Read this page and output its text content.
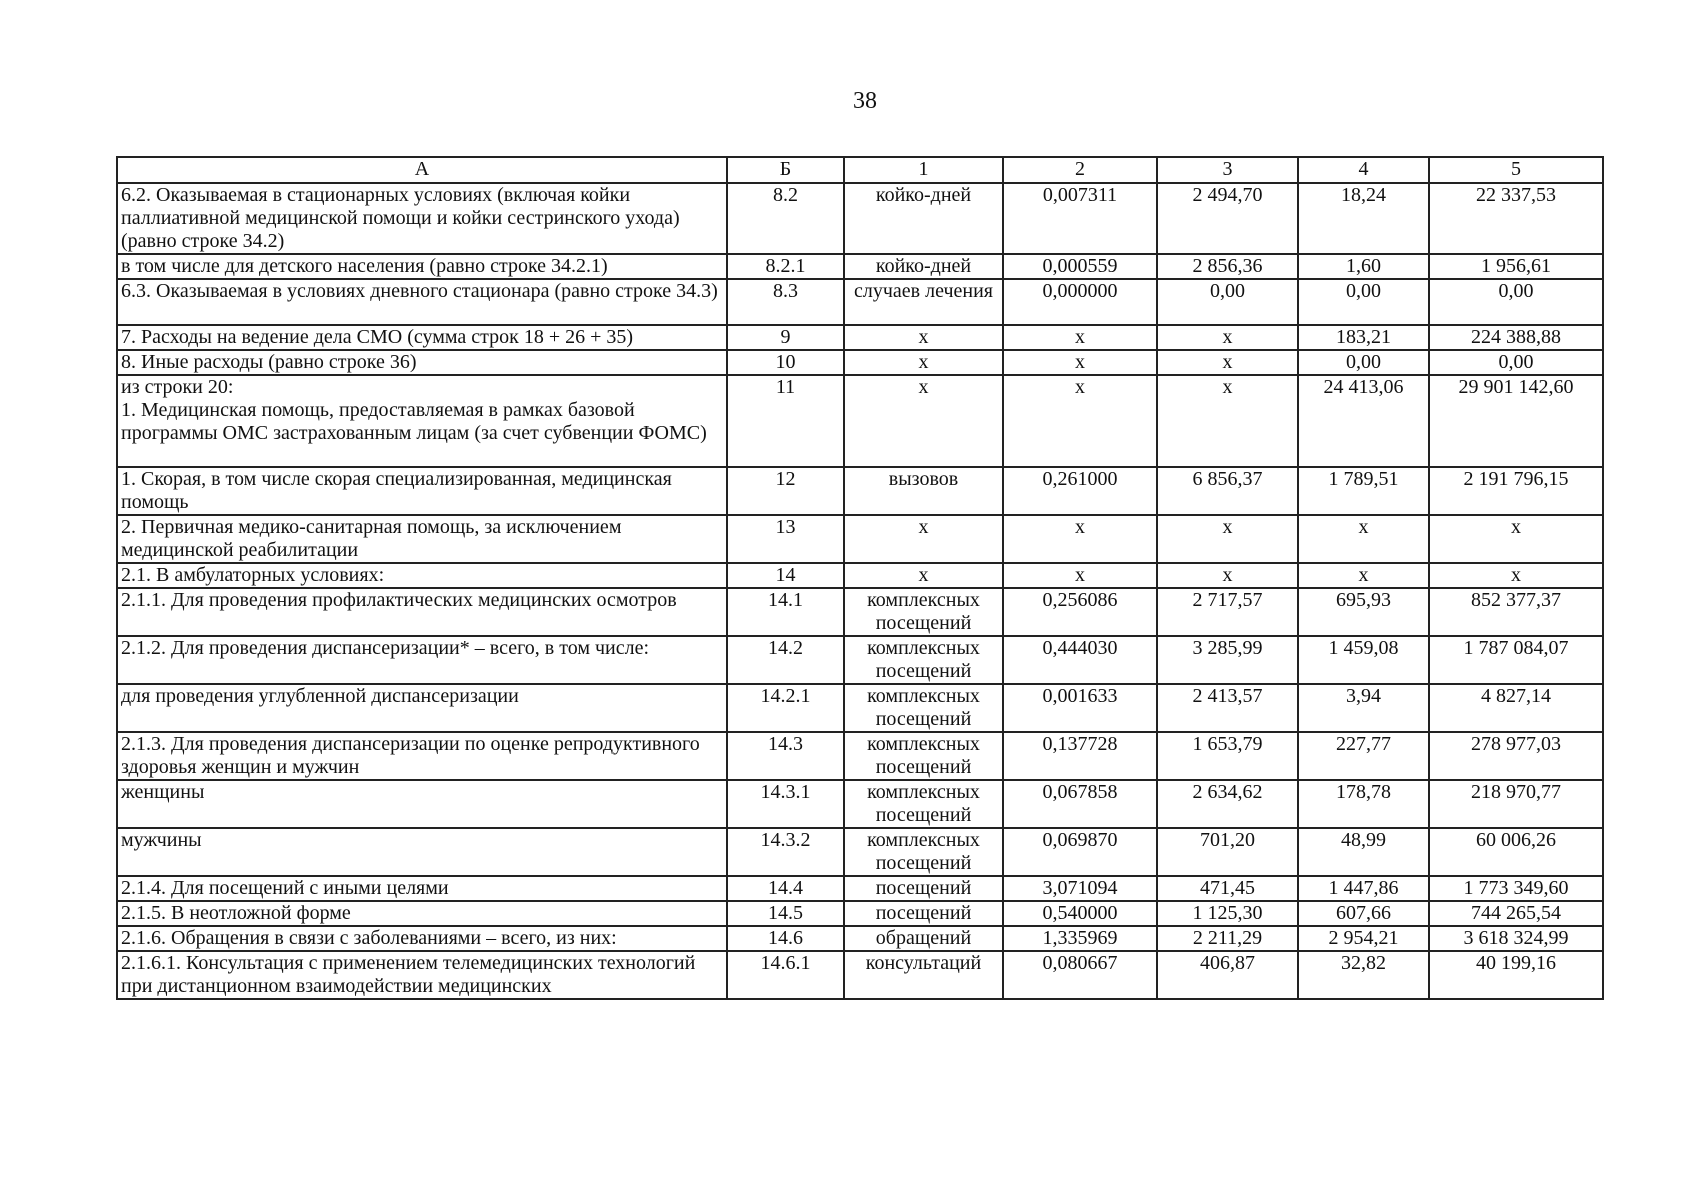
38
А	Б	1	2	3	4	5
6.2. Оказываемая в стационарных условиях (включая койки паллиативной медицинской помощи и койки сестринского ухода) (равно строке 34.2)	8.2	койко-дней	0,007311	2 494,70	18,24	22 337,53
в том числе для детского населения (равно строке 34.2.1)	8.2.1	койко-дней	0,000559	2 856,36	1,60	1 956,61
6.3. Оказываемая в условиях дневного стационара (равно строке 34.3)	8.3	случаев лечения	0,000000	0,00	0,00	0,00
7. Расходы на ведение дела СМО (сумма строк 18 + 26 + 35)	9	х	х	х	183,21	224 388,88
8. Иные расходы (равно строке 36)	10	х	х	х	0,00	0,00
из строки 20:
1. Медицинская помощь, предоставляемая в рамках базовой программы ОМС застрахованным лицам (за счет субвенции ФОМС)	11	х	х	х	24 413,06	29 901 142,60
1. Скорая, в том числе скорая специализированная, медицинская помощь	12	вызовов	0,261000	6 856,37	1 789,51	2 191 796,15
2. Первичная медико-санитарная помощь, за исключением медицинской реабилитации	13	х	х	х	х	х
2.1. В амбулаторных условиях:	14	х	х	х	х	х
2.1.1. Для проведения профилактических медицинских осмотров	14.1	комплексных посещений	0,256086	2 717,57	695,93	852 377,37
2.1.2. Для проведения диспансеризации* – всего, в том числе:	14.2	комплексных посещений	0,444030	3 285,99	1 459,08	1 787 084,07
для проведения углубленной диспансеризации	14.2.1	комплексных посещений	0,001633	2 413,57	3,94	4 827,14
2.1.3. Для проведения диспансеризации по оценке репродуктивного здоровья женщин и мужчин	14.3	комплексных посещений	0,137728	1 653,79	227,77	278 977,03
женщины	14.3.1	комплексных посещений	0,067858	2 634,62	178,78	218 970,77
мужчины	14.3.2	комплексных посещений	0,069870	701,20	48,99	60 006,26
2.1.4. Для посещений с иными целями	14.4	посещений	3,071094	471,45	1 447,86	1 773 349,60
2.1.5. В неотложной форме	14.5	посещений	0,540000	1 125,30	607,66	744 265,54
2.1.6. Обращения в связи с заболеваниями – всего, из них:	14.6	обращений	1,335969	2 211,29	2 954,21	3 618 324,99
2.1.6.1. Консультация с применением телемедицинских технологий при дистанционном взаимодействии медицинских	14.6.1	консультаций	0,080667	406,87	32,82	40 199,16
